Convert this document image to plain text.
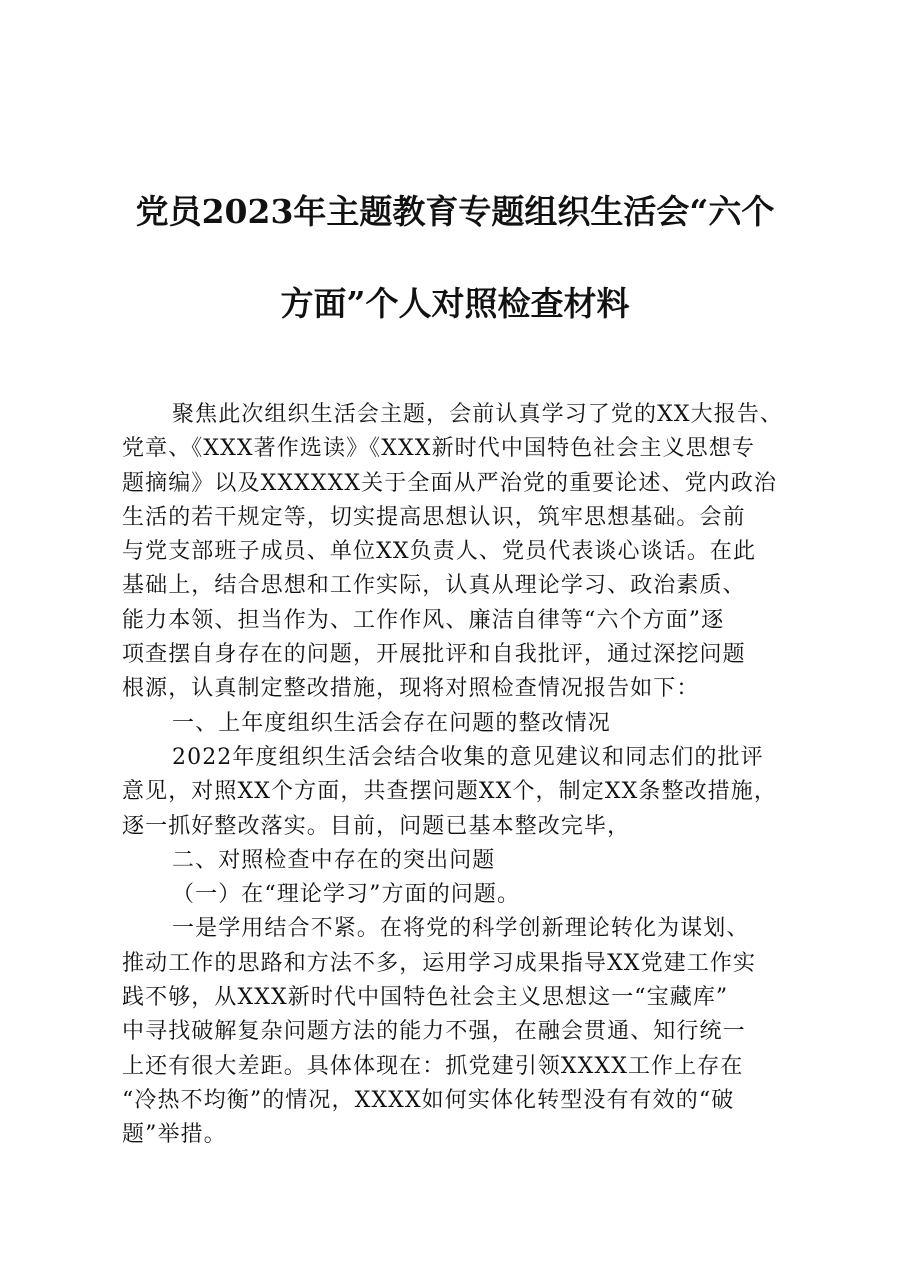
党员2023年主题教育专题组织生活会“六个
方面”个人对照检查材料
聚焦此次组织生活会主题，会前认真学习了党的XX大报告、
党章、《XXX著作选读》《XXX新时代中国特色社会主义思想专
题摘编》以及XXXXXX关于全面从严治党的重要论述、党内政治
生活的若干规定等，切实提高思想认识，筑牢思想基础。会前
与党支部班子成员、单位XX负责人、党员代表谈心谈话。在此
基础上，结合思想和工作实际，认真从理论学习、政治素质、
能力本领、担当作为、工作作风、廉洁自律等“六个方面”逐
项查摆自身存在的问题，开展批评和自我批评，通过深挖问题
根源，认真制定整改措施，现将对照检查情况报告如下：
一、上年度组织生活会存在问题的整改情况
2022年度组织生活会结合收集的意见建议和同志们的批评
意见，对照XX个方面，共查摆问题XX个，制定XX条整改措施，
逐一抓好整改落实。目前，问题已基本整改完毕，
二、对照检查中存在的突出问题
（一）在“理论学习”方面的问题。
一是学用结合不紧。在将党的科学创新理论转化为谋划、
推动工作的思路和方法不多，运用学习成果指导XX党建工作实
践不够，从XXX新时代中国特色社会主义思想这一“宝藏库”
中寻找破解复杂问题方法的能力不强，在融会贯通、知行统一
上还有很大差距。具体体现在：抓党建引领XXXX工作上存在
“冷热不均衡”的情况，XXXX如何实体化转型没有有效的“破
题”举措。
